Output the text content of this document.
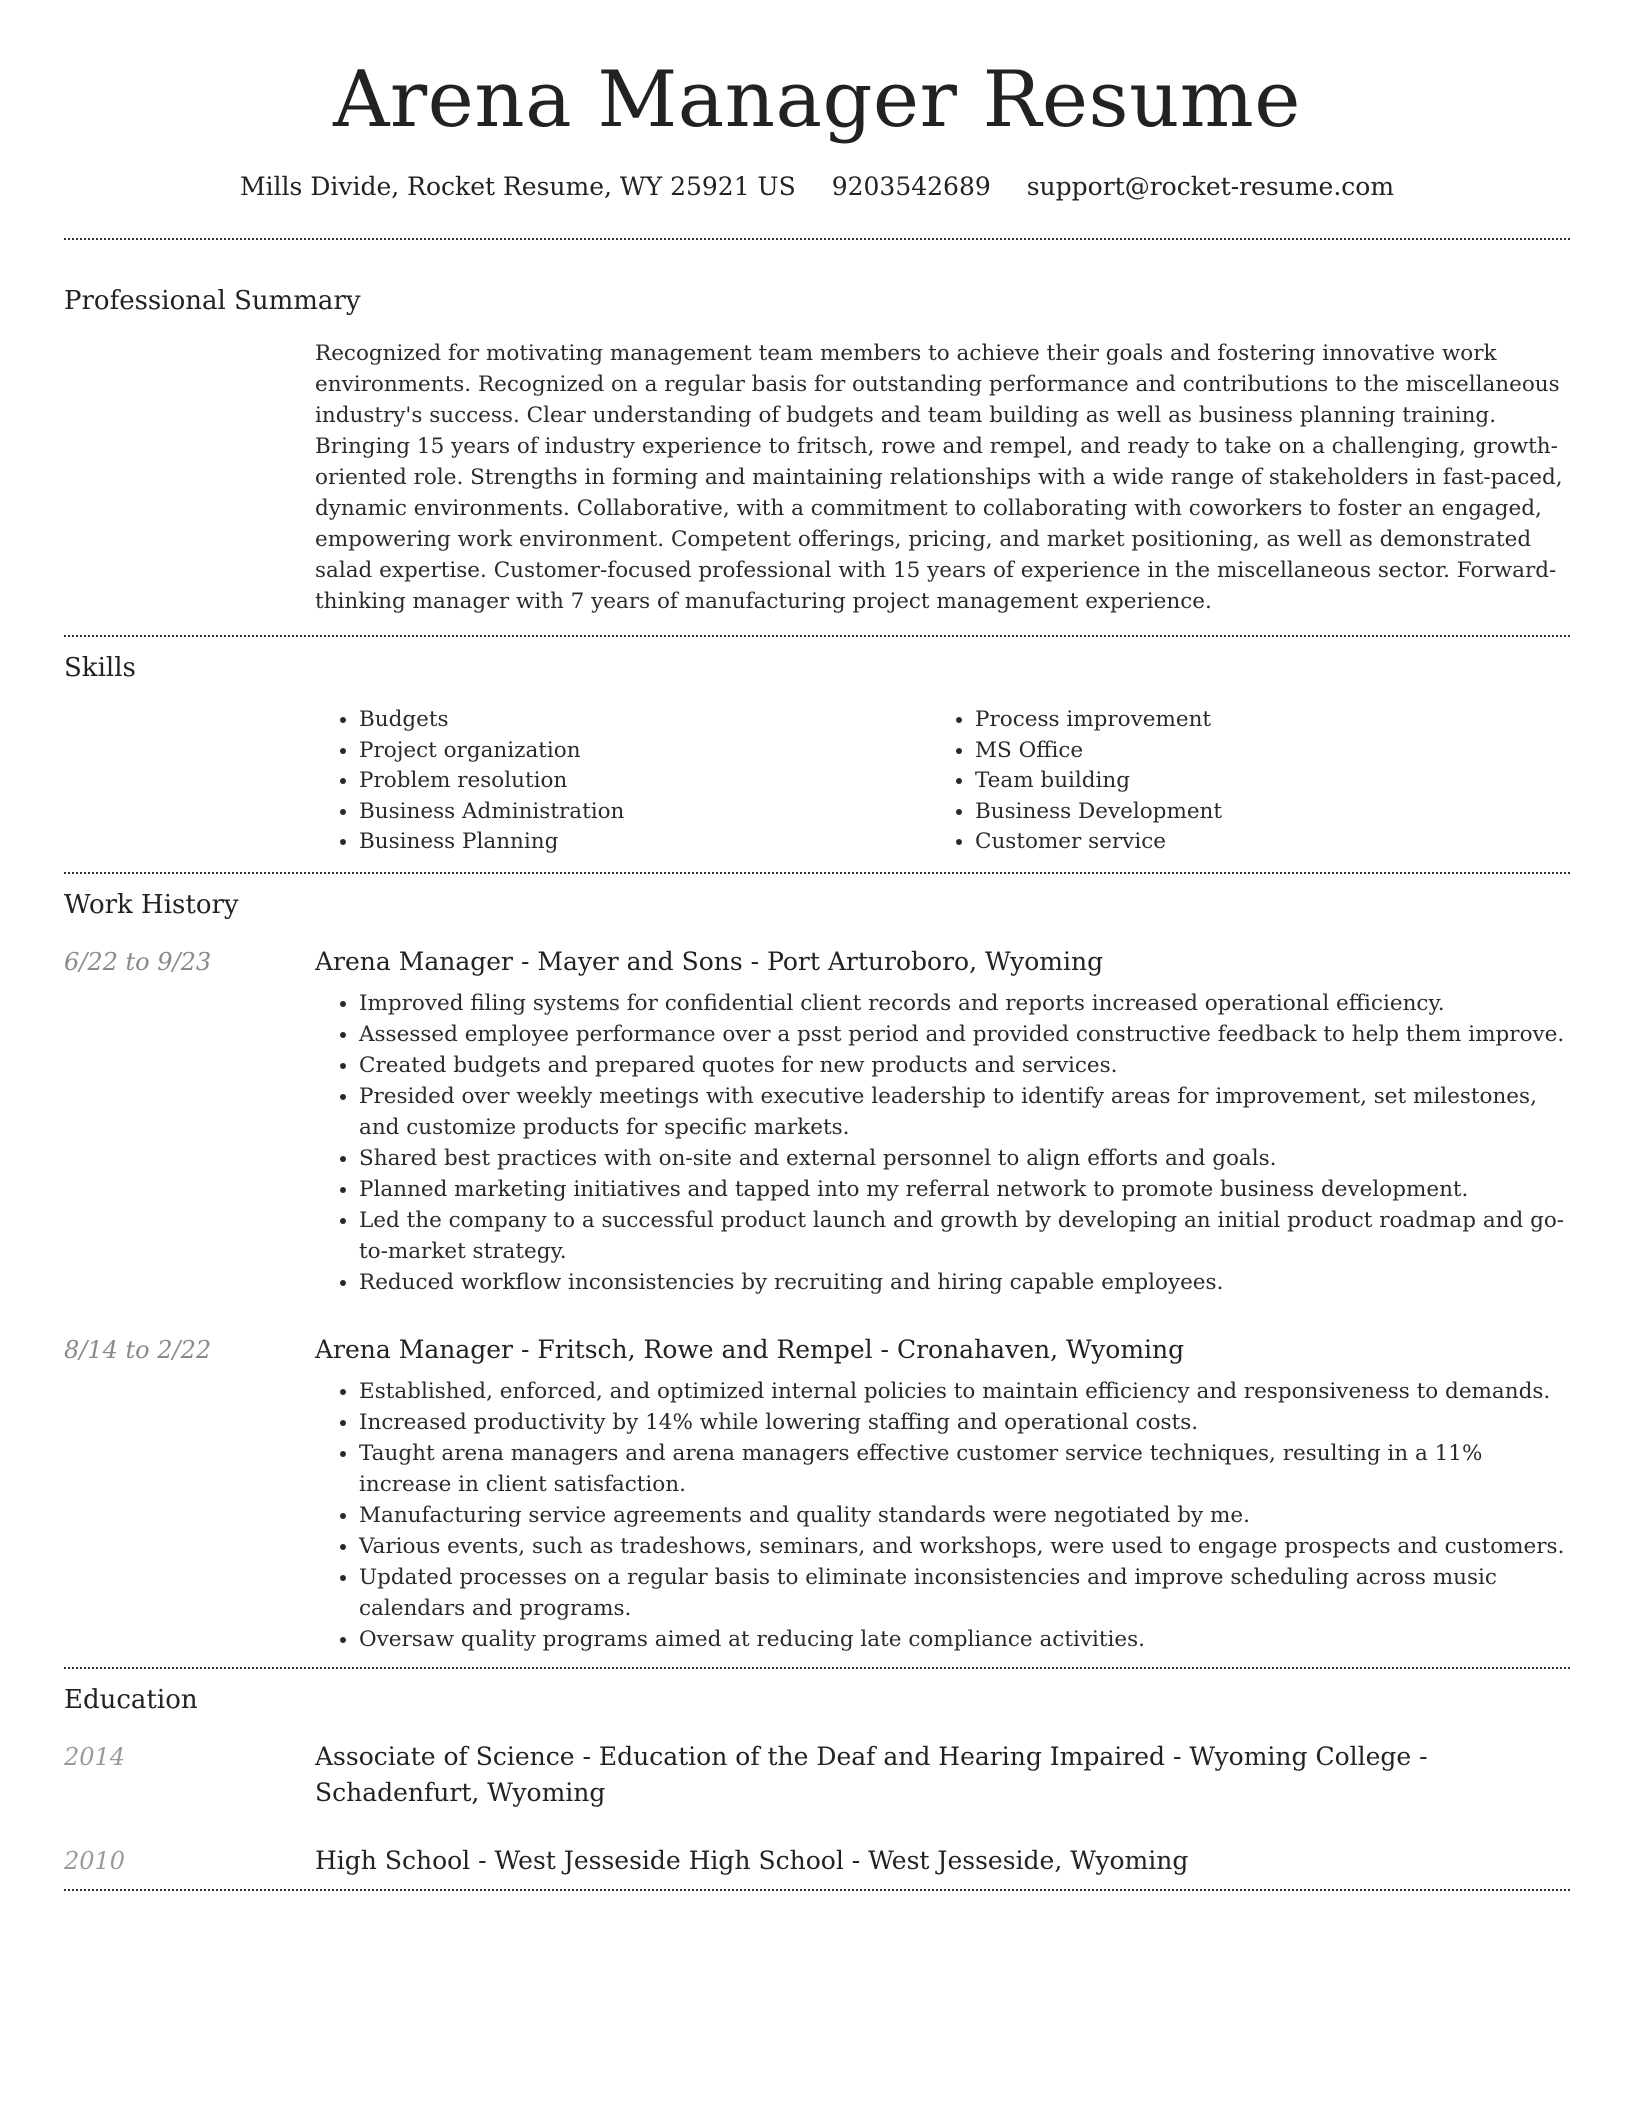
Arena Manager Resume
Mills Divide, Rocket Resume, WY 25921 US 9203542689 support@rocket-resume.com
Professional Summary
Recognized for motivating management team members to achieve their goals and fostering innovative work environments. Recognized on a regular basis for outstanding performance and contributions to the miscellaneous industry's success. Clear understanding of budgets and team building as well as business planning training. Bringing 15 years of industry experience to fritsch, rowe and rempel, and ready to take on a challenging, growth-oriented role. Strengths in forming and maintaining relationships with a wide range of stakeholders in fast-paced, dynamic environments. Collaborative, with a commitment to collaborating with coworkers to foster an engaged, empowering work environment. Competent offerings, pricing, and market positioning, as well as demonstrated salad expertise. Customer-focused professional with 15 years of experience in the miscellaneous sector. Forward-thinking manager with 7 years of manufacturing project management experience.
Skills
• Budgets
• Project organization
• Problem resolution
• Business Administration
• Business Planning
• Process improvement
• MS Office
• Team building
• Business Development
• Customer service
Work History
6/22 to 9/23	Arena Manager - Mayer and Sons - Port Arturoboro, Wyoming
• Improved filing systems for confidential client records and reports increased operational efficiency.
• Assessed employee performance over a psst period and provided constructive feedback to help them improve.
• Created budgets and prepared quotes for new products and services.
• Presided over weekly meetings with executive leadership to identify areas for improvement, set milestones, and customize products for specific markets.
• Shared best practices with on-site and external personnel to align efforts and goals.
• Planned marketing initiatives and tapped into my referral network to promote business development.
• Led the company to a successful product launch and growth by developing an initial product roadmap and go-to-market strategy.
• Reduced workflow inconsistencies by recruiting and hiring capable employees.
8/14 to 2/22	Arena Manager - Fritsch, Rowe and Rempel - Cronahaven, Wyoming
• Established, enforced, and optimized internal policies to maintain efficiency and responsiveness to demands.
• Increased productivity by 14% while lowering staffing and operational costs.
• Taught arena managers and arena managers effective customer service techniques, resulting in a 11% increase in client satisfaction.
• Manufacturing service agreements and quality standards were negotiated by me.
• Various events, such as tradeshows, seminars, and workshops, were used to engage prospects and customers.
• Updated processes on a regular basis to eliminate inconsistencies and improve scheduling across music calendars and programs.
• Oversaw quality programs aimed at reducing late compliance activities.
Education
2014	Associate of Science - Education of the Deaf and Hearing Impaired - Wyoming College - Schadenfurt, Wyoming
2010	High School - West Jesseside High School - West Jesseside, Wyoming
